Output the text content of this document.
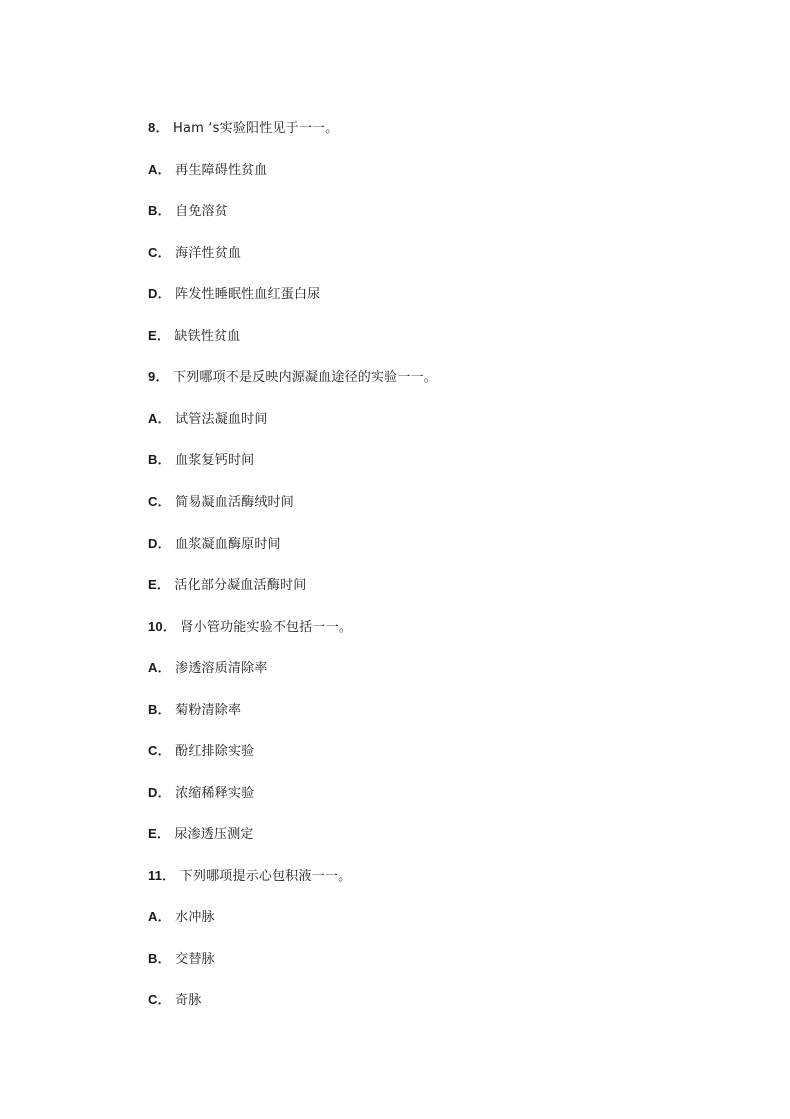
8． Ham ‘s实验阳性见于一一。
A． 再生障碍性贫血
B． 自免溶贫
C． 海洋性贫血
D． 阵发性睡眠性血红蛋白尿
E． 缺铁性贫血
9． 下列哪项不是反映内源凝血途径的实验一一。
A． 试管法凝血时间
B． 血浆复钙时间
C． 简易凝血活酶绒时间
D． 血浆凝血酶原时间
E． 活化部分凝血活酶时间
10． 肾小管功能实验不包括一一。
A． 渗透溶质清除率
B． 菊粉清除率
C． 酚红排除实验
D． 浓缩稀释实验
E． 尿渗透压测定
11． 下列哪项提示心包积液一一。
A． 水冲脉
B． 交替脉
C． 奇脉
